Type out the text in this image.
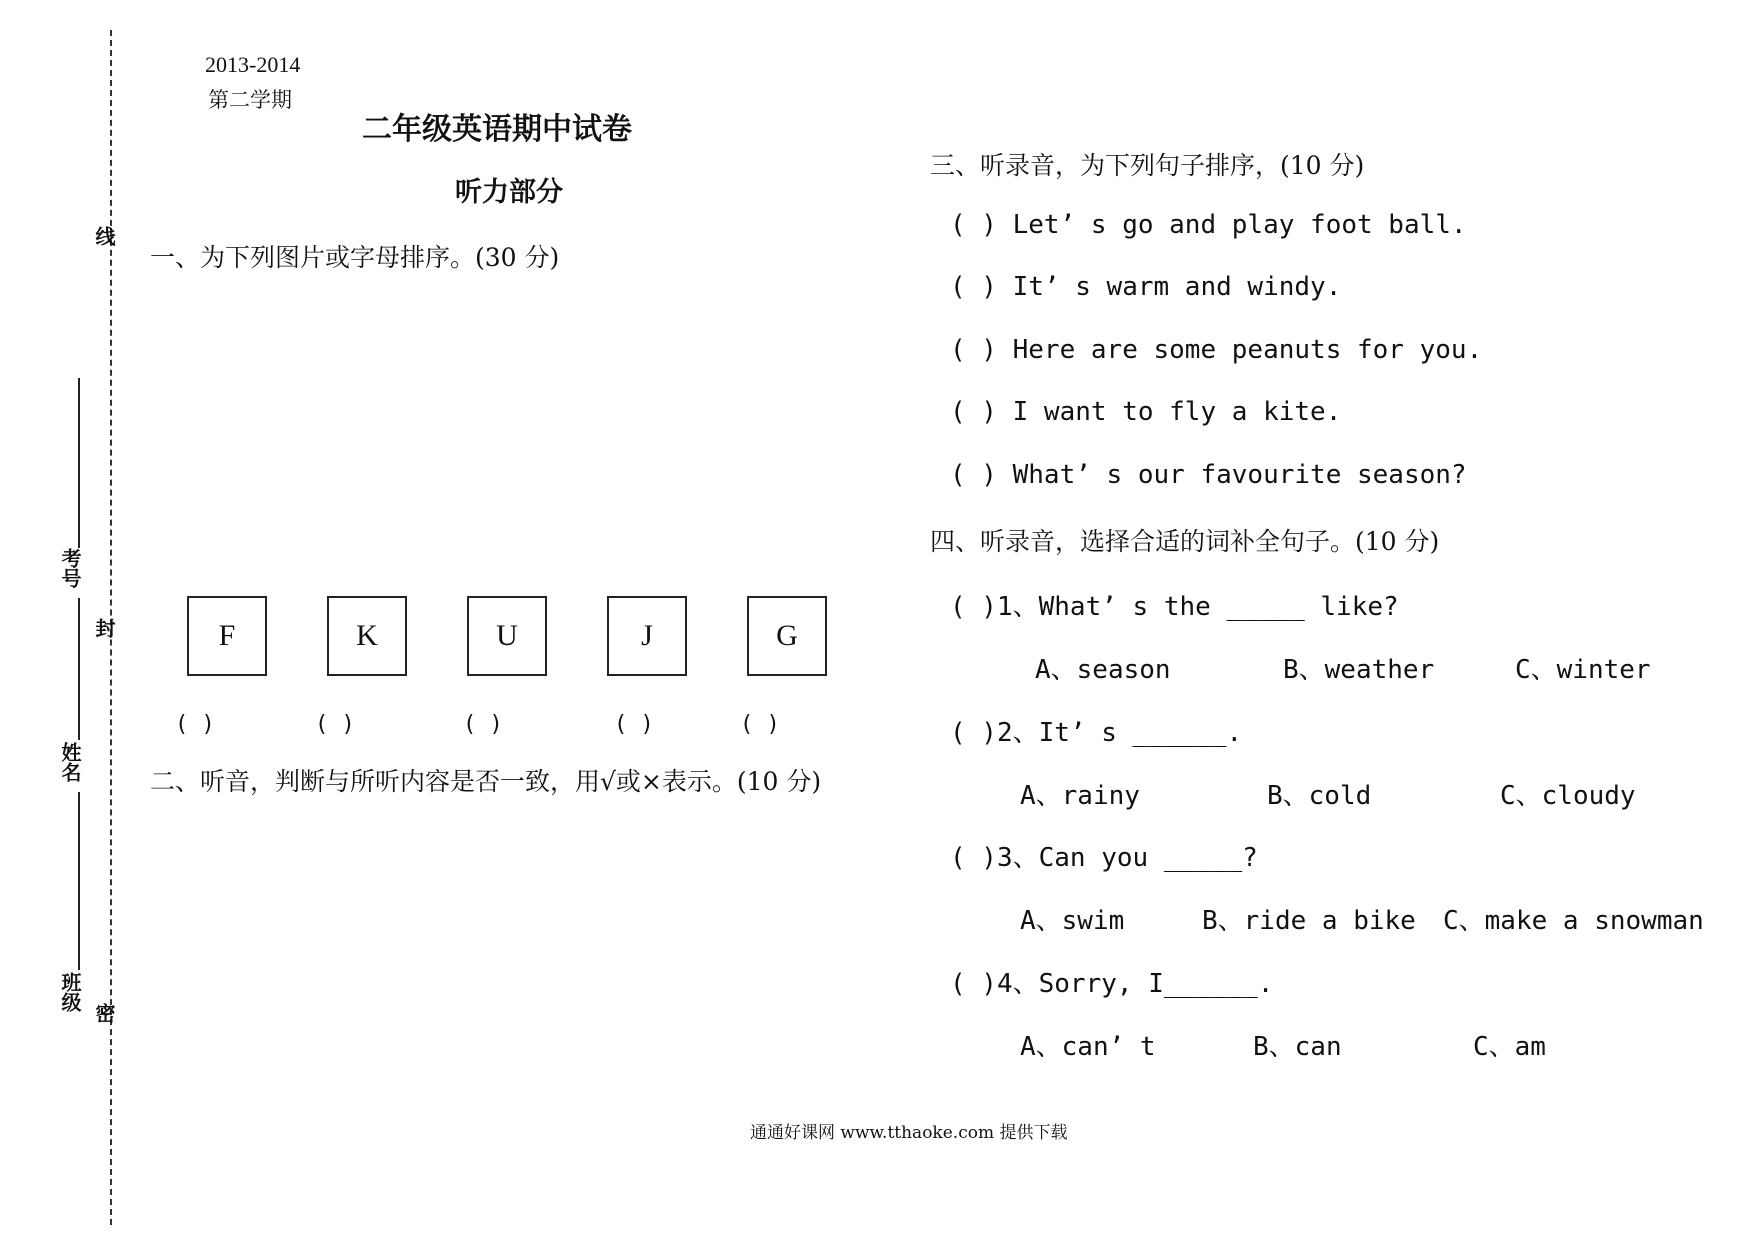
线
封
密
考号
姓名
班级
2013-2014
第二学期
二年级英语期中试卷
听力部分
一、为下列图片或字母排序。(30 分)
F	K	U	J	G
( )	( )	( )	( )	( )
二、听音，判断与所听内容是否一致，用√或×表示。(10 分)
三、听录音，为下列句子排序，(10 分)
( ) Let’ s go and play foot ball.
( ) It’ s warm and windy.
( ) Here are some peanuts for you.
( ) I want to fly a kite.
( ) What’ s our favourite season?
四、听录音，选择合适的词补全句子。(10 分)
( )1、What’ s the _____ like?
A、season	B、weather	C、winter
( )2、It’ s ______.
A、rainy	B、cold	C、cloudy
( )3、Can you _____?
A、swim	B、ride a bike C、make a snowman
( )4、Sorry, I______.
A、can’ t	B、can	C、am
通通好课网 www.tthaoke.com 提供下载
